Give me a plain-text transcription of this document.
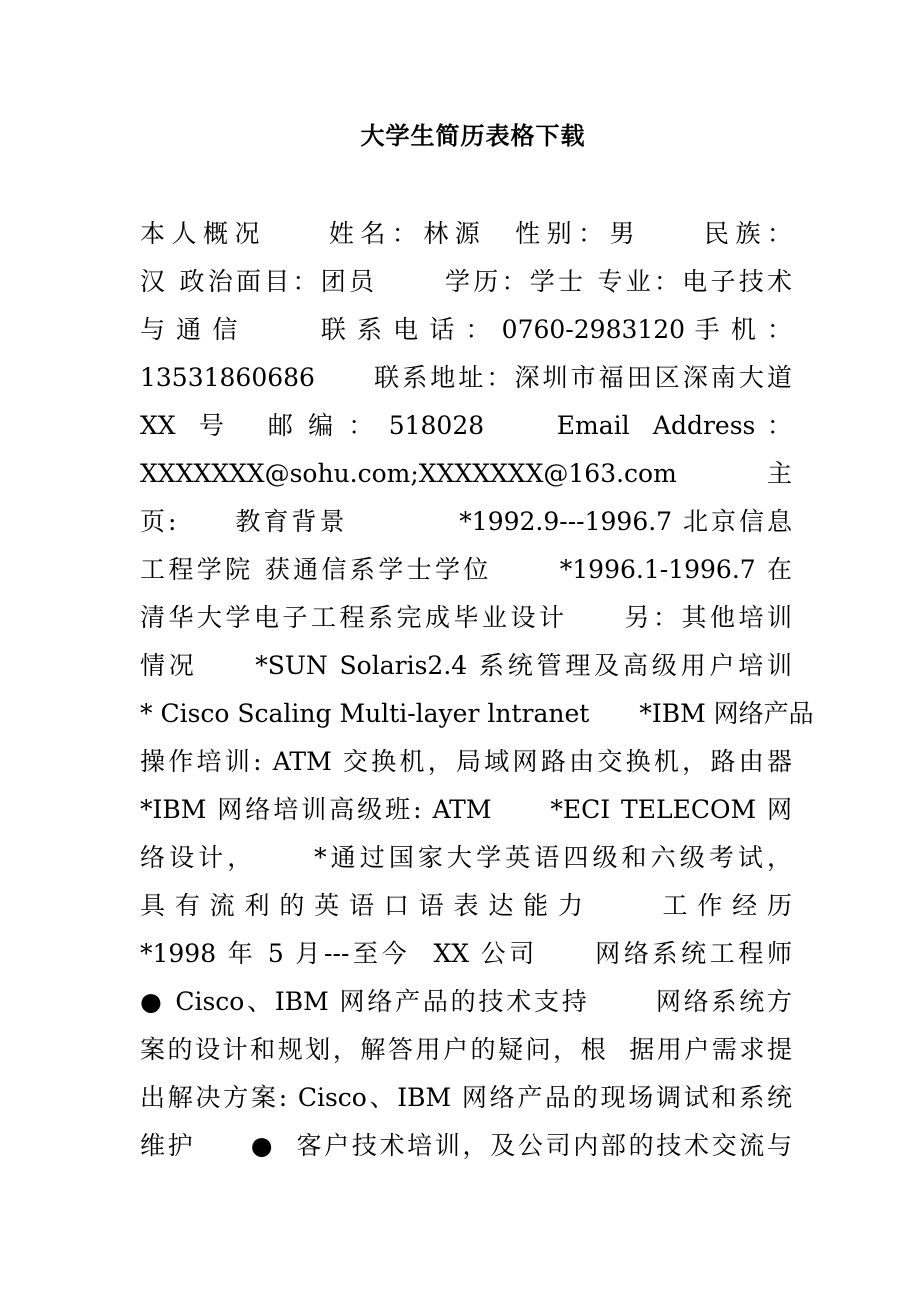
大学生简历表格下载
本人概况　　姓名：林源  性别：男　　民族：
汉 政治面目：团员　　 学历：学士 专业：电子技术
与 通 信 　 　 联 系 电 话 ： 0760-2983120 手 机 ：
13531860686　　联系地址：深圳市福田区深南大道
XX  号　 邮 编 ： 518028　　 Email  Address ：
XXXXXXX@sohu.com;XXXXXXX@163.com　　 主
页:　　教育背景　　　　*1992.9---1996.7 北京信息
工程学院 获通信系学士学位　　 *1996.1-1996.7 在
清华大学电子工程系完成毕业设计　　另：其他培训
情况　　*SUN Solaris2.4 系统管理及高级用户培训
* Cisco Scaling Multi-layer lntranet　　*IBM 网络产品
操作培训: ATM 交换机，局域网路由交换机，路由器
*IBM 网络培训高级班: ATM　　*ECI TELECOM 网
络设计，　　 *通过国家大学英语四级和六级考试，
具 有 流 利 的 英 语 口 语 表 达 能 力 　 　 工 作 经 历
*1998 年 5 月---至今  XX 公司　　网络系统工程师
● Cisco、IBM 网络产品的技术支持　　 网络系统方
案的设计和规划，解答用户的疑问，根  据用户需求提
出解决方案: Cisco、IBM 网络产品的现场调试和系统
维护　　●  客户技术培训，及公司内部的技术交流与
